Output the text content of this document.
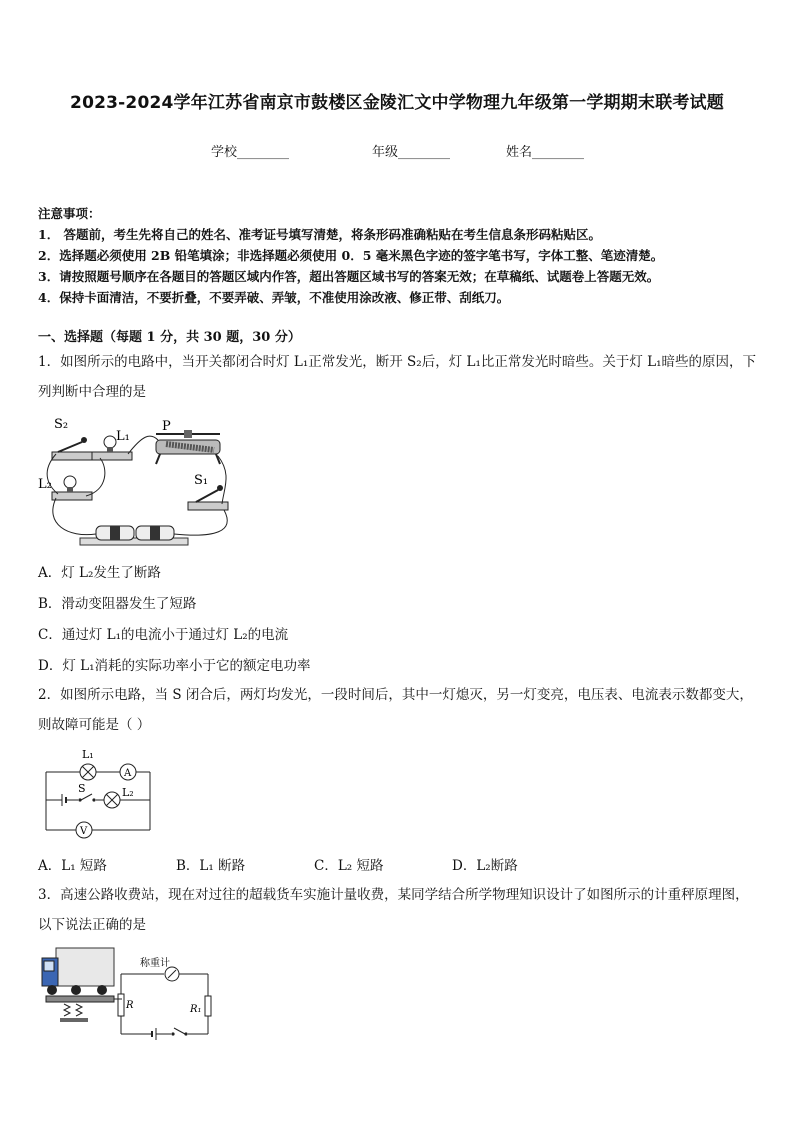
2023-2024学年江苏省南京市鼓楼区金陵汇文中学物理九年级第一学期期末联考试题
学校________	年级________	姓名________
注意事项：
1． 答题前，考生先将自己的姓名、准考证号填写清楚，将条形码准确粘贴在考生信息条形码粘贴区。
2．选择题必须使用 2B 铅笔填涂；非选择题必须使用 0．5 毫米黑色字迹的签字笔书写，字体工整、笔迹清楚。
3．请按照题号顺序在各题目的答题区域内作答，超出答题区域书写的答案无效；在草稿纸、试题卷上答题无效。
4．保持卡面清洁，不要折叠，不要弄破、弄皱，不准使用涂改液、修正带、刮纸刀。
一、选择题（每题 1 分，共 30 题，30 分）
1．如图所示的电路中，当开关都闭合时灯 L₁正常发光，断开 S₂后，灯 L₁比正常发光时暗些。关于灯 L₁暗些的原因，下列判断中合理的是
S₂
L₁
P
L₂	S₁
A．灯 L₂发生了断路
B．滑动变阻器发生了短路
C．通过灯 L₁的电流小于通过灯 L₂的电流
D．灯 L₁消耗的实际功率小于它的额定电功率
2．如图所示电路，当 S 闭合后，两灯均发光，一段时间后，其中一灯熄灭，另一灯变亮，电压表、电流表示数都变大，则故障可能是（ ）
L₁
A
S	L₂
V
A．L₁ 短路	B．L₁ 断路	C．L₂ 短路	D．L₂断路
3．高速公路收费站，现在对过往的超载货车实施计量收费，某同学结合所学物理知识设计了如图所示的计重秤原理图，以下说法正确的是
称重计
R	R₁
